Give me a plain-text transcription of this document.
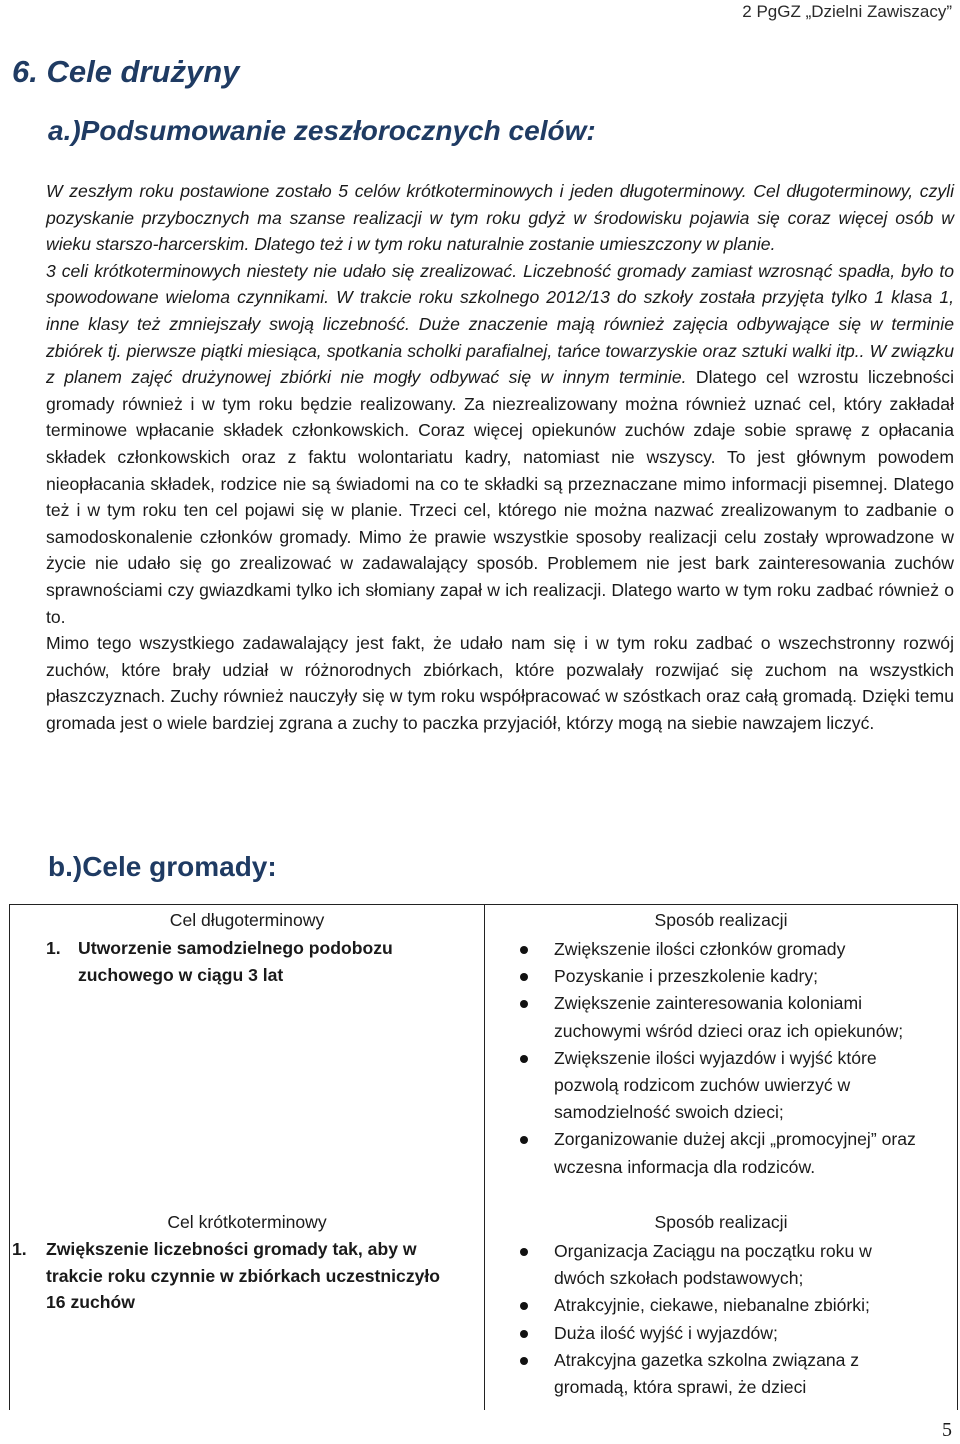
2 PgGZ „Dzielni Zawiszacy”
6. Cele drużyny
a.)Podsumowanie zeszłorocznych celów:

W zeszłym roku postawione zostało 5 celów krótkoterminowych i jeden długoterminowy. Cel długoterminowy, czyli pozyskanie przybocznych ma szanse realizacji w tym roku gdyż w środowisku pojawia się coraz więcej osób w wieku starszo-harcerskim. Dlatego też i w tym roku naturalnie zostanie umieszczony w planie.

3 celi krótkoterminowych niestety nie udało się zrealizować. Liczebność gromady zamiast wzrosnąć spadła, było to spowodowane wieloma czynnikami. W trakcie roku szkolnego 2012/13 do szkoły została przyjęta tylko 1 klasa 1, inne klasy też zmniejszały swoją liczebność. Duże znaczenie mają również zajęcia odbywające się w terminie zbiórek tj. pierwsze piątki miesiąca, spotkania scholki parafialnej, tańce towarzyskie oraz sztuki walki itp.. W związku z planem zajęć drużynowej zbiórki nie mogły odbywać się w innym terminie. Dlatego cel wzrostu liczebności gromady również i w tym roku będzie realizowany. Za niezrealizowany można również uznać cel, który zakładał terminowe wpłacanie składek członkowskich. Coraz więcej opiekunów zuchów zdaje sobie sprawę z opłacania składek członkowskich oraz z faktu wolontariatu kadry, natomiast nie wszyscy. To jest głównym powodem nieopłacania składek, rodzice nie są świadomi na co te składki są przeznaczane mimo informacji pisemnej. Dlatego też i w tym roku ten cel pojawi się w planie. Trzeci cel, którego nie można nazwać zrealizowanym to zadbanie o samodoskonalenie członków gromady. Mimo że prawie wszystkie sposoby realizacji celu zostały wprowadzone w życie nie udało się go zrealizować w zadawalający sposób. Problemem nie jest bark zainteresowania zuchów sprawnościami czy gwiazdkami tylko ich słomiany zapał w ich realizacji. Dlatego warto w tym roku zadbać również o to.

Mimo tego wszystkiego zadawalający jest fakt, że udało nam się i w tym roku zadbać o wszechstronny rozwój zuchów, które brały udział w różnorodnych zbiórkach, które pozwalały rozwijać się zuchom na wszystkich płaszczyznach. Zuchy również nauczyły się w tym roku współpracować w szóstkach oraz całą gromadą. Dzięki temu gromada jest o wiele bardziej zgrana a zuchy to paczka przyjaciół, którzy mogą na siebie nawzajem liczyć.

b.)Cele gromady:
Cel długoterminowy	Sposób realizacji
1. Utworzenie samodzielnego podobozu zuchowego w ciągu 3 lat
Zwiększenie ilości członków gromady
Pozyskanie i przeszkolenie kadry;
Zwiększenie zainteresowania koloniami zuchowymi wśród dzieci oraz ich opiekunów;
Zwiększenie ilości wyjazdów i wyjść które pozwolą rodzicom zuchów uwierzyć w samodzielność swoich dzieci;
Zorganizowanie dużej akcji „promocyjnej” oraz wczesna informacja dla rodziców.
Cel krótkoterminowy	Sposób realizacji
1.	Zwiększenie liczebności gromady tak, aby w trakcie roku czynnie w zbiórkach uczestniczyło 16 zuchów
Organizacja Zaciągu na początku roku w dwóch szkołach podstawowych;
Atrakcyjnie, ciekawe, niebanalne zbiórki;
Duża ilość wyjść i wyjazdów;
Atrakcyjna gazetka szkolna związana z gromadą, która sprawi, że dzieci
5
